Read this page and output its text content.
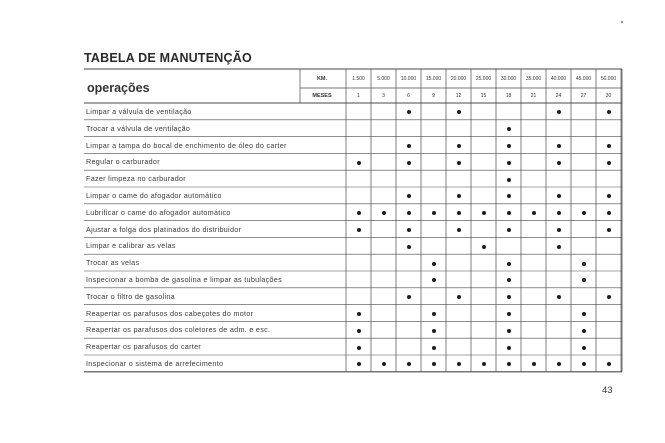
TABELA DE MANUTENÇÃO
operações
KM.
MESES
1.500
1
5.000
3
10.000
6
15.000
9
20.000
12
25.000
15
30.000
18
35.000
21
40.000
24
45.000
27
50.000
30
Limpar a válvula de ventilação
Trocar a válvula de ventilação
Limpar a tampa do bocal de enchimento de óleo do carter
Regular o carburador
Fazer limpeza no carburador
Limpar o came do afogador automático
Lubrificar o came do afogador automático
Ajustar a folga dos platinados do distribuidor
Limpar e calibrar as velas
Trocar as velas
Inspecionar a bomba de gasolina e limpar as tubulações
Trocar o filtro de gasolina
Reapertar os parafusos dos cabeçotes do motor
Reapertar os parafusos dos coletores de adm. e esc.
Reapertar os parafusos do carter
Inspecionar o sistema de arrefecimento
43
